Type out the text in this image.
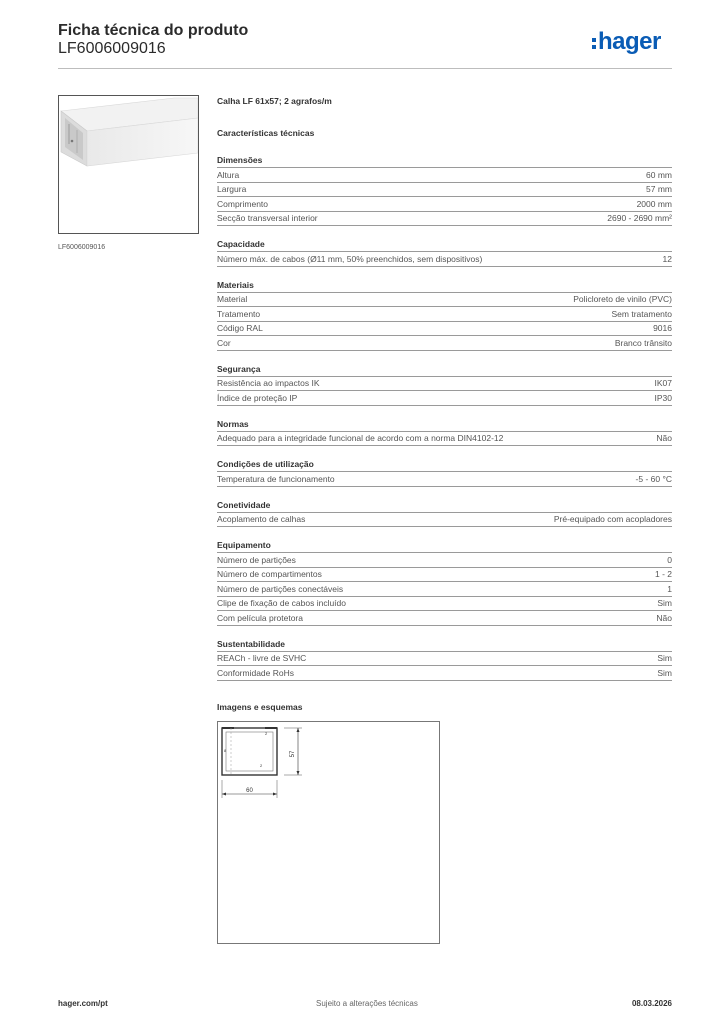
Ficha técnica do produto
LF6006009016	hager
LF6006009016
Calha LF 61x57; 2 agrafos/m
Características técnicas
Dimensões
Altura	60 mm
Largura	57 mm
Comprimento	2000 mm
Secção transversal interior	2690 - 2690 mm²
Capacidade
Número máx. de cabos (Ø11 mm, 50% preenchidos, sem dispositivos)	12
Materiais
Material	Policloreto de vinilo (PVC)
Tratamento	Sem tratamento
Código RAL	9016
Cor	Branco trânsito
Segurança
Resistência ao impactos IK	IK07
Índice de proteção IP	IP30
Normas
Adequado para a integridade funcional de acordo com a norma DIN4102-12	Não
Condições de utilização
Temperatura de funcionamento	-5 - 60 °C
Conetividade
Acoplamento de calhas	Pré-equipado com acopladores
Equipamento
Número de partições	0
Número de compartimentos	1 - 2
Número de partições conectáveis	1
Clipe de fixação de cabos incluído	Sim
Com película protetora	Não
Sustentabilidade
REACh - livre de SVHC	Sim
Conformidade RoHs	Sim
Imagens e esquemas
57
60
2
8
2
hager.com/pt	Sujeito a alterações técnicas	08.03.2026
